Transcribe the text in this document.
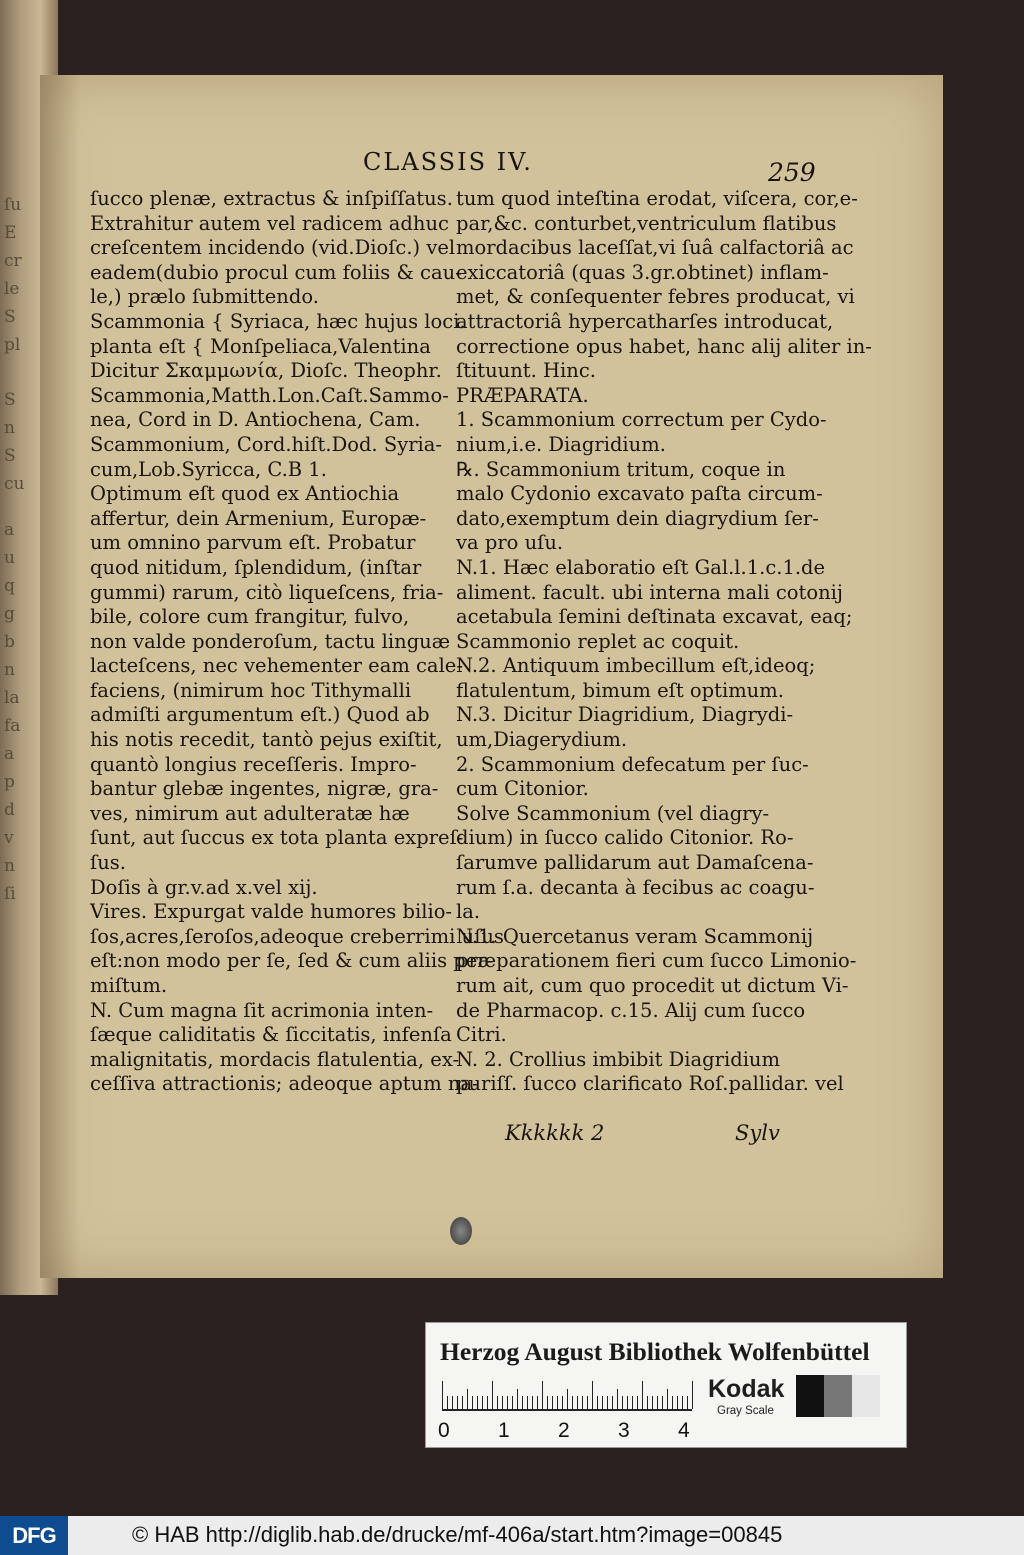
ſu
E
cr
le
S
pl
S
n
S
cu
a
u
q
g
b
n
la
fa
a
p
d
v
n
ſi
CLASSIS IV.	259
ſucco plenæ, extractus & inſpiſſatus.
Extrahitur autem vel radicem adhuc
creſcentem incidendo (vid.Dioſc.) vel
eadem(dubio procul cum foliis & cau-
le,) prælo ſubmittendo.
Scammonia { Syriaca, hæc hujus loci.
planta eſt { Monſpeliaca,Valentina
Dicitur Σκαμμωνία, Dioſc. Theophr.
Scammonia,Matth.Lon.Caſt.Sammo-
nea, Cord in D. Antiochena, Cam.
Scammonium, Cord.hiſt.Dod. Syria-
cum,Lob.Syricca, C.B 1.
Optimum eſt quod ex Antiochia
affertur, dein Armenium, Europæ-
um omnino parvum eſt. Probatur
quod nitidum, ſplendidum, (inſtar
gummi) rarum, citò liqueſcens, fria-
bile, colore cum frangitur, fulvo,
non valde ponderoſum, tactu linguæ
lacteſcens, nec vehementer eam cale-
faciens, (nimirum hoc Tithymalli
admiſti argumentum eſt.) Quod ab
his notis recedit, tantò pejus exiſtit,
quantò longius receſſeris. Impro-
bantur glebæ ingentes, nigræ, gra-
ves, nimirum aut adulteratæ hæ
ſunt, aut ſuccus ex tota planta expreſ-
ſus.
Doſis à gr.v.ad x.vel xij.
Vires. Expurgat valde humores bilio-
ſos,acres,ſeroſos,adeoque creberrimi uſus
eſt:non modo per ſe, ſed & cum aliis per-
miſtum.
N. Cum magna ſit acrimonia inten-
ſæque caliditatis & ſiccitatis, infenſa
malignitatis, mordacis flatulentia, ex-
ceſſiva attractionis; adeoque aptum na-
tum quod inteſtina erodat, viſcera, cor,e-
par,&c. conturbet,ventriculum flatibus
mordacibus laceſſat,vi ſuâ calfactoriâ ac
exiccatoriâ (quas 3.gr.obtinet) inflam-
met, & conſequenter febres producat, vi
attractoriâ hypercatharſes introducat,
correctione opus habet, hanc alij aliter in-
ſtituunt. Hinc.
PRÆPARATA.
1. Scammonium correctum per Cydo-
nium,i.e. Diagridium.
℞. Scammonium tritum, coque in
malo Cydonio excavato paſta circum-
dato,exemptum dein diagrydium ſer-
va pro uſu.
N.1. Hæc elaboratio eſt Gal.l.1.c.1.de
aliment. facult. ubi interna mali cotonij
acetabula ſemini deſtinata excavat, eaq;
Scammonio replet ac coquit.
N.2. Antiquum imbecillum eſt,ideoq;
flatulentum, bimum eſt optimum.
N.3. Dicitur Diagridium, Diagrydi-
um,Diagerydium.
2. Scammonium defecatum per ſuc-
cum Citonior.
Solve Scammonium (vel diagry-
dium) in ſucco calido Citonior. Ro-
ſarumve pallidarum aut Damaſcena-
rum ſ.a. decanta à fecibus ac coagu-
la.
N.1. Quercetanus veram Scammonij
præparationem fieri cum ſucco Limonio-
rum ait, cum quo procedit ut dictum Vi-
de Pharmacop. c.15. Alij cum ſucco
Citri.
N. 2. Crollius imbibit Diagridium
puriſſ. ſucco clarificato Roſ.pallidar. vel
Kkkkkk 2	Sylv
Herzog August Bibliothek Wolfenbüttel
0 1 2 3 4
Kodak
Gray Scale
DFG	© HAB http://diglib.hab.de/drucke/mf-406a/start.htm?image=00845
